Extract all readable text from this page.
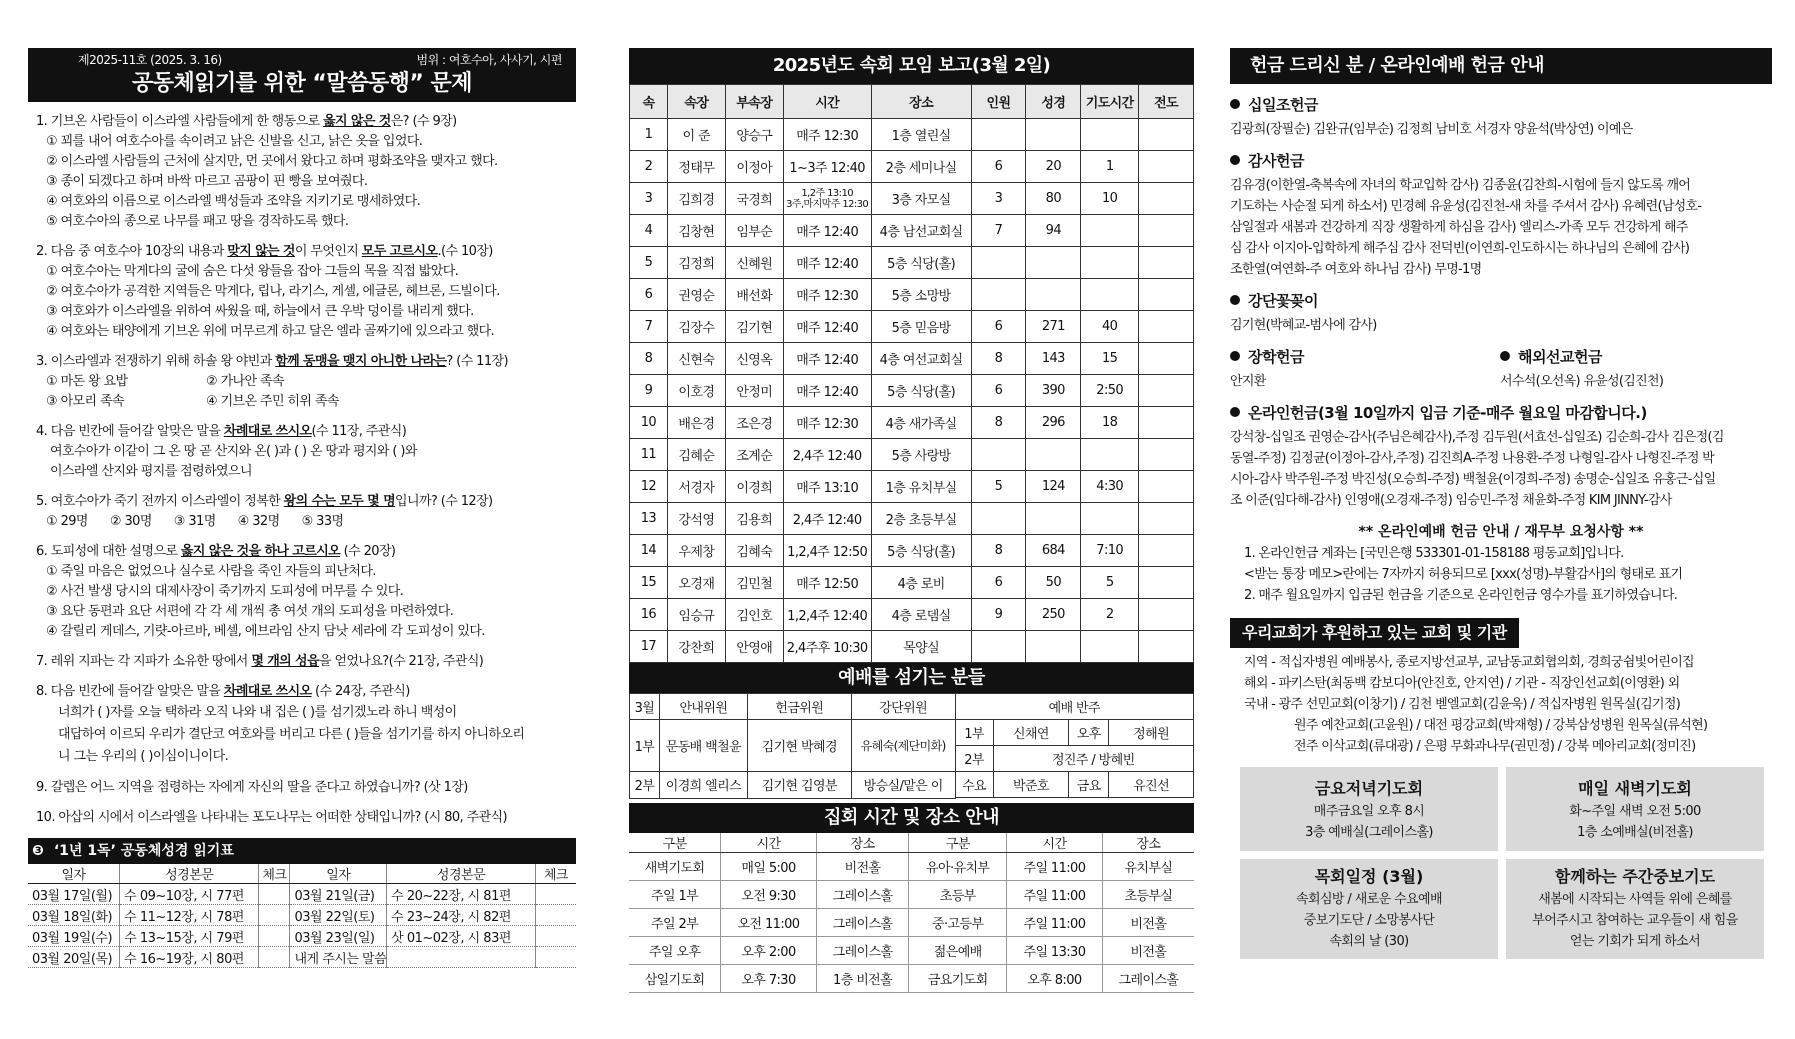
제2025-11호 (2025. 3. 16)	범위 : 여호수아, 사사기, 시편
공동체읽기를 위한 “말씀동행” 문제
1. 기브온 사람들이 이스라엘 사람들에게 한 행동으로 옳지 않은 것은? (수 9장)
① 꾀를 내어 여호수아를 속이려고 낡은 신발을 신고, 낡은 옷을 입었다.
② 이스라엘 사람들의 근처에 살지만, 먼 곳에서 왔다고 하며 평화조약을 맺자고 했다.
③ 종이 되겠다고 하며 바싹 마르고 곰팡이 핀 빵을 보여줬다.
④ 여호와의 이름으로 이스라엘 백성들과 조약을 지키기로 맹세하였다.
⑤ 여호수아의 종으로 나무를 패고 땅을 경작하도록 했다.
2. 다음 중 여호수아 10장의 내용과 맞지 않는 것이 무엇인지 모두 고르시오.(수 10장)
① 여호수아는 막게다의 굴에 숨은 다섯 왕들을 잡아 그들의 목을 직접 밟았다.
② 여호수아가 공격한 지역들은 막게다, 립나, 라기스, 게셀, 에글론, 헤브론, 드빌이다.
③ 여호와가 이스라엘을 위하여 싸웠을 때, 하늘에서 큰 우박 덩이를 내리게 했다.
④ 여호와는 태양에게 기브온 위에 머무르게 하고 달은 엘라 골짜기에 있으라고 했다.
3. 이스라엘과 전쟁하기 위해 하솔 왕 야빈과 함께 동맹을 맺지 아니한 나라는? (수 11장)
① 마돈 왕 요밥	② 가나안 족속
③ 아모리 족속	④ 기브온 주민 히위 족속
4. 다음 빈칸에 들어갈 알맞은 말을 차례대로 쓰시오(수 11장, 주관식)
여호수아가 이같이 그 온 땅 곧 산지와 온( )과 ( ) 온 땅과 평지와 ( )와
이스라엘 산지와 평지를 점령하였으니
5. 여호수아가 죽기 전까지 이스라엘이 정복한 왕의 수는 모두 몇 명입니까? (수 12장)
① 29명 ② 30명 ③ 31명 ④ 32명 ⑤ 33명
6. 도피성에 대한 설명으로 옳지 않은 것을 하나 고르시오 (수 20장)
① 죽일 마음은 없었으나 실수로 사람을 죽인 자들의 피난처다.
② 사건 발생 당시의 대제사장이 죽기까지 도피성에 머무를 수 있다.
③ 요단 동편과 요단 서편에 각 각 세 개씩 총 여섯 개의 도피성을 마련하였다.
④ 갈릴리 게데스, 기럇-아르바, 베셀, 에브라임 산지 담낫 세라에 각 도피성이 있다.
7. 레위 지파는 각 지파가 소유한 땅에서 몇 개의 성읍을 얻었나요?(수 21장, 주관식)
8. 다음 빈칸에 들어갈 알맞은 말을 차례대로 쓰시오 (수 24장, 주관식)
너희가 ( )자를 오늘 택하라 오직 나와 내 집은 ( )를 섬기겠노라 하니 백성이
대답하여 이르되 우리가 결단코 여호와를 버리고 다른 ( )들을 섬기기를 하지 아니하오리
니 그는 우리의 ( )이심이니이다.
9. 갈렙은 어느 지역을 점령하는 자에게 자신의 딸을 준다고 하였습니까? (삿 1장)
10. 아삽의 시에서 이스라엘을 나타내는 포도나무는 어떠한 상태입니까? (시 80, 주관식)
❸ ‘1년 1독’ 공동체성경 읽기표
일자	성경본문	체크	일자	성경본문	체크
03월 17일(월)	수 09~10장, 시 77편		03월 21일(금)	수 20~22장, 시 81편	
03월 18일(화)	수 11~12장, 시 78편		03월 22일(토)	수 23~24장, 시 82편	
03월 19일(수)	수 13~15장, 시 79편		03월 23일(일)	삿 01~02장, 시 83편	
03월 20일(목)	수 16~19장, 시 80편		내게 주시는 말씀		
2025년도 속회 모임 보고(3월 2일)
속	속장	부속장	시간	장소	인원	성경	기도시간	전도
1	이 준	양승구	매주 12:30	1층 열린실				
2	정태무	이정아	1~3주 12:40	2층 세미나실	6	20	1	
3	김희경	국경희	1,2주 13:10
3주,마지막주 12:30	3층 자모실	3	80	10	
4	김창현	임부순	매주 12:40	4층 남선교회실	7	94		
5	김정희	신혜원	매주 12:40	5층 식당(홀)				
6	권영순	배선화	매주 12:30	5층 소망방				
7	김장수	김기현	매주 12:40	5층 믿음방	6	271	40	
8	신현숙	신영옥	매주 12:40	4층 여선교회실	8	143	15	
9	이호경	안정미	매주 12:40	5층 식당(홀)	6	390	2:50	
10	배은경	조은경	매주 12:30	4층 새가족실	8	296	18	
11	김혜순	조계순	2,4주 12:40	5층 사랑방				
12	서경자	이경희	매주 13:10	1층 유치부실	5	124	4:30	
13	강석영	김용희	2,4주 12:40	2층 초등부실				
14	우제창	김혜숙	1,2,4주 12:50	5층 식당(홀)	8	684	7:10	
15	오경재	김민철	매주 12:50	4층 로비	6	50	5	
16	임승규	김인호	1,2,4주 12:40	4층 로뎀실	9	250	2	
17	강찬희	안영애	2,4주후 10:30	목양실				
예배를 섬기는 분들
3월	안내위원	헌금위원	강단위원	예배 반주			
1부	문동배 백철윤	김기현 박혜경	유혜숙(제단미화)	1부	신채연	오후	정해원
				2부	정진주 / 방혜빈		
2부	이경희 엘리스	김기현 김영분	방승실/맡은 이	수요	박준호	금요	유진선

집회 시간 및 장소 안내
구분	시간	장소	구분	시간	장소
새벽기도회	매일 5:00	비전홀	유아·유치부	주일 11:00	유치부실
주일 1부	오전 9:30	그레이스홀	초등부	주일 11:00	초등부실
주일 2부	오전 11:00	그레이스홀	중·고등부	주일 11:00	비전홀
주일 오후	오후 2:00	그레이스홀	젊은예배	주일 13:30	비전홀
삼일기도회	오후 7:30	1층 비전홀	금요기도회	오후 8:00	그레이스홀
헌금 드리신 분 / 온라인예배 헌금 안내
십일조헌금
김광희(장필순) 김완규(임부순) 김정희 남비호 서경자 양윤석(박상연) 이예은
감사헌금
김유경(이한열-축복속에 자녀의 학교입학 감사) 김종윤(김찬희-시험에 들지 않도록 깨어
기도하는 사순절 되게 하소서) 민경혜 유윤성(김진천-새 차를 주셔서 감사) 유혜련(남성호-
삼일절과 새봄과 건강하게 직장 생활하게 하심을 감사) 엘리스-가족 모두 건강하게 해주
심 감사 이지아-입학하게 해주심 감사 전덕빈(이연희-인도하시는 하나님의 은혜에 감사)
조한열(여연화-주 여호와 하나님 감사) 무명-1명
강단꽃꽂이
김기현(박혜교-범사에 감사)
장학헌금
안지환
해외선교헌금
서수석(오선옥) 유윤성(김진천)
온라인헌금(3월 10일까지 입금 기준-매주 월요일 마감합니다.)
강석창-십일조 권영순-감사(주님은혜감사),주정 김두원(서효선-십일조) 김순희-감사 김은정(김
동열-주정) 김정균(이정아-감사,주정) 김진희A-주정 나용환-주정 나형일-감사 나형진-주정 박
시아-감사 박주원-주정 박진성(오승희-주정) 백철윤(이경희-주정) 송명순-십일조 유홍근-십일
조 이준(임다해-감사) 인영애(오경재-주정) 임승민-주정 채윤화-주정 KIM JINNY-감사
** 온라인예배 헌금 안내 / 재무부 요청사항 **
1. 온라인헌금 계좌는 [국민은행 533301-01-158188 평동교회]입니다.
<받는 통장 메모>란에는 7자까지 허용되므로 [xxx(성명)-부활감사]의 형태로 표기
2. 매주 월요일까지 입금된 헌금을 기준으로 온라인헌금 영수가를 표기하였습니다.
우리교회가 후원하고 있는 교회 및 기관
지역 - 적십자병원 예배봉사, 종로지방선교부, 교남동교회협의회, 경희궁쉼빛어린이집
해외 - 파키스탄(최동백 캄보디아(안진호, 안지연) / 기관 - 직장인선교회(이영환) 외
국내 - 광주 선민교회(이창기) / 김천 벧엘교회(김윤욱) / 적십자병원 원목실(김기정)
원주 예찬교회(고윤원) / 대전 평강교회(박재형) / 강북삼성병원 원목실(류석현)
전주 이삭교회(류대광) / 은평 무화과나무(권민정) / 강북 메아리교회(정미진)
금요저녁기도회
매주금요일 오후 8시
3층 예배실(그레이스홀)
매일 새벽기도회
화~주일 새벽 오전 5:00
1층 소예배실(비전홀)
목회일정 (3월)
속회심방 / 새로운 수요예배
중보기도단 / 소망봉사단
속회의 날 (30)
함께하는 주간중보기도
새봄에 시작되는 사역들 위에 은혜를
부어주시고 참여하는 교우들이 새 힘을
얻는 기회가 되게 하소서
